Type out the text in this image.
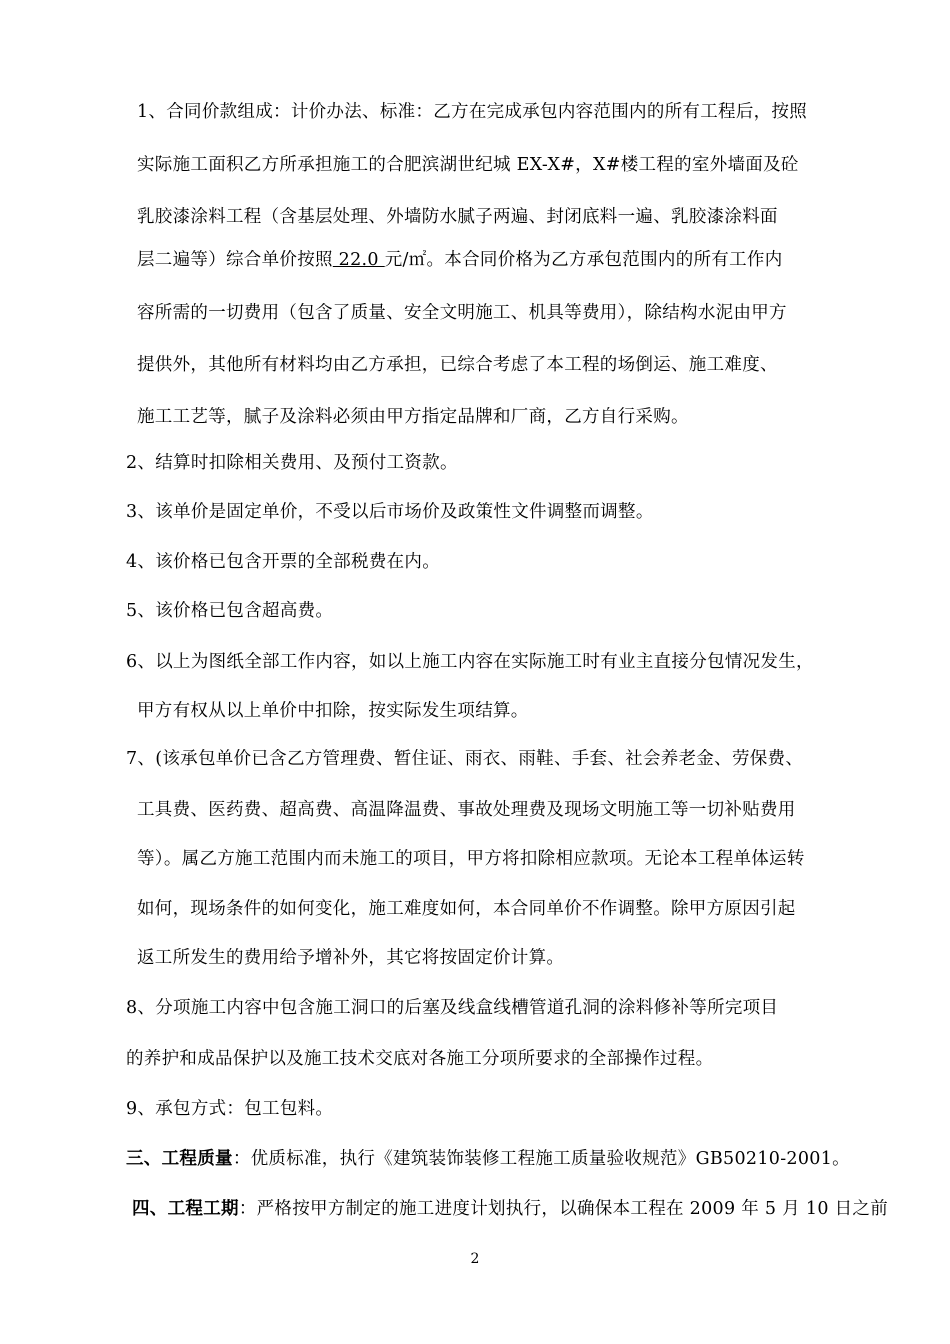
1、合同价款组成：计价办法、标准：乙方在完成承包内容范围内的所有工程后，按照
实际施工面积乙方所承担施工的合肥滨湖世纪城 EX-X#，X#楼工程的室外墙面及砼
乳胶漆涂料工程（含基层处理、外墙防水腻子两遍、封闭底料一遍、乳胶漆涂料面
层二遍等）综合单价按照 22.0 元/㎡。本合同价格为乙方承包范围内的所有工作内
容所需的一切费用（包含了质量、安全文明施工、机具等费用），除结构水泥由甲方
提供外，其他所有材料均由乙方承担，已综合考虑了本工程的场倒运、施工难度、
施工工艺等，腻子及涂料必须由甲方指定品牌和厂商，乙方自行采购。
2、结算时扣除相关费用、及预付工资款。
3、该单价是固定单价，不受以后市场价及政策性文件调整而调整。
4、该价格已包含开票的全部税费在内。
5、该价格已包含超高费。
6、以上为图纸全部工作内容，如以上施工内容在实际施工时有业主直接分包情况发生，
甲方有权从以上单价中扣除，按实际发生项结算。
7、(该承包单价已含乙方管理费、暂住证、雨衣、雨鞋、手套、社会养老金、劳保费、
工具费、医药费、超高费、高温降温费、事故处理费及现场文明施工等一切补贴费用
等）。属乙方施工范围内而未施工的项目，甲方将扣除相应款项。无论本工程单体运转
如何，现场条件的如何变化，施工难度如何，本合同单价不作调整。除甲方原因引起
返工所发生的费用给予增补外，其它将按固定价计算。
8、分项施工内容中包含施工洞口的后塞及线盒线槽管道孔洞的涂料修补等所完项目
的养护和成品保护以及施工技术交底对各施工分项所要求的全部操作过程。
9、承包方式：包工包料。
三、工程质量：优质标准，执行《建筑装饰装修工程施工质量验收规范》GB50210-2001。
四、工程工期：严格按甲方制定的施工进度计划执行，以确保本工程在 2009 年 5 月 10 日之前
2
